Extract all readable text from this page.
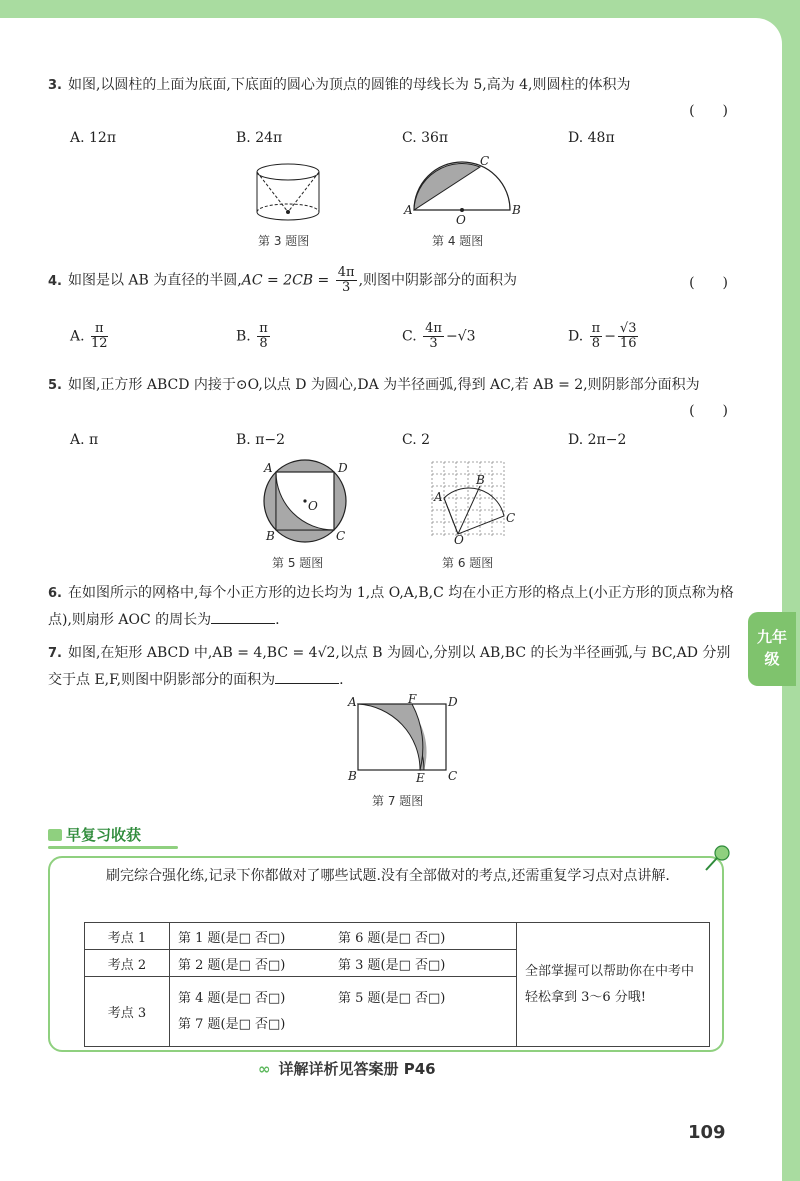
九年级
3. 如图,以圆柱的上面为底面,下底面的圆心为顶点的圆锥的母线长为 5,高为 4,则圆柱的体积为
(　　)
A. 12π	B. 24π	C. 36π	D. 48π
第 3 题图
A	B
C
O
第 4 题图
4. 如图是以 AB 为直径的半圆$,AC = 2CB = \frac{4\pi}{3}$ ,则图中阴影部分的面积为	(　　)
A. $\frac{\pi}{12}$	B. $\frac{\pi}{8}$	C. $\frac{4\pi}{3} -√3$	D. $\frac{\pi}{8} - \frac{√3}{16}$
5. 如图,正方形 ABCD 内接于⊙O,以点 D 为圆心,DA 为半径画弧,得到 AC,若 AB = 2,则阴影部分面积为
(　　)
A. π	B. π−2	C. 2	D. 2π−2
A	D
B	C
O
第 5 题图
A
B
C
O
第 6 题图
6. 在如图所示的网格中,每个小正方形的边长均为 1,点 O,A,B,C 均在小正方形的格点上(小正方形的顶点称为格点),则扇形 AOC 的周长为	.
7. 如图,在矩形 ABCD 中,AB = 4,BC = 4√2,以点 B 为圆心,分别以 AB,BC 的长为半径画弧,与 BC,AD 分别交于点 E,F,则图中阴影部分的面积为	.
A	F	D
B	E C
第 7 题图
早复习收获
刷完综合强化练,记录下你都做对了哪些试题.没有全部做对的考点,还需重复学习点对点讲解.
考点 1	第 1 题(是□ 否□) 第 6 题(是□ 否□)	全部掌握可以帮助你在中考中轻松拿到 3～6 分哦!
考点 2	第 2 题(是□ 否□) 第 3 题(是□ 否□)	
考点 3	第 4 题(是□ 否□) 第 5 题(是□ 否□)
第 7 题(是□ 否□)	
∞ 详解详析见答案册 P46
109
